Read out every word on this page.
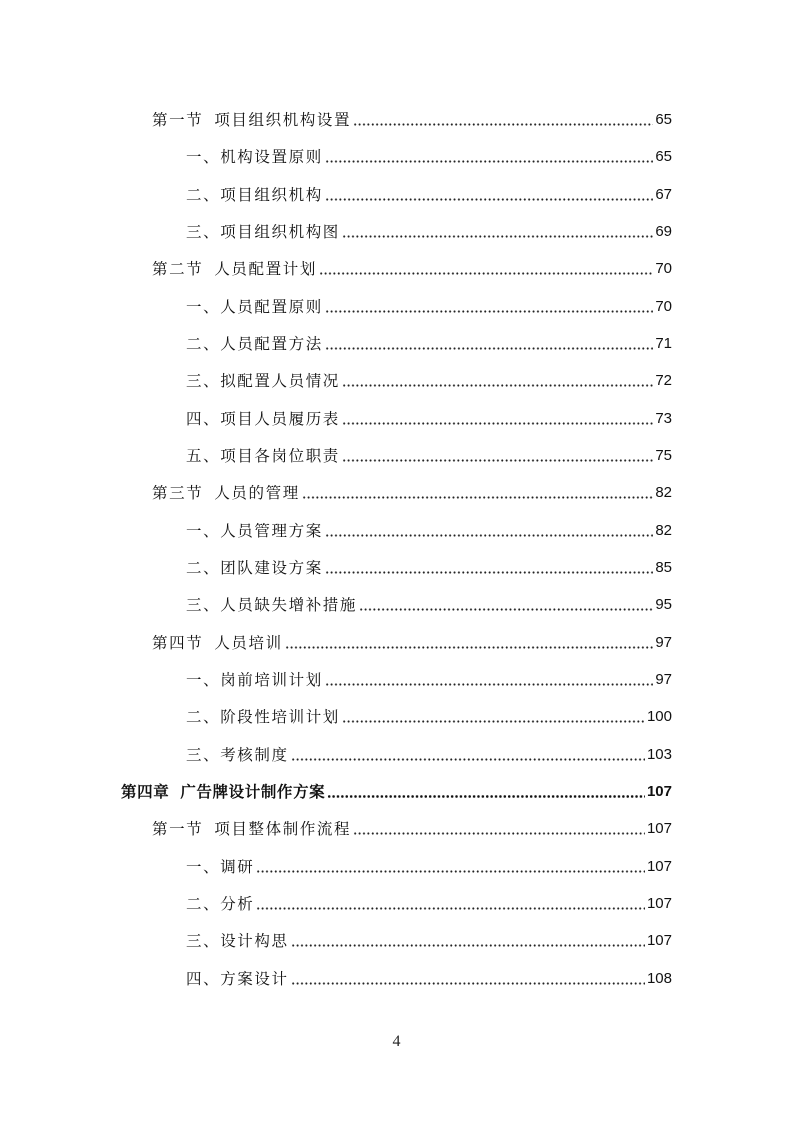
第一节 项目组织机构设置	65
一、机构设置原则	65
二、项目组织机构	67
三、项目组织机构图	69
第二节 人员配置计划	70
一、人员配置原则	70
二、人员配置方法	71
三、拟配置人员情况	72
四、项目人员履历表	73
五、项目各岗位职责	75
第三节 人员的管理	82
一、人员管理方案	82
二、团队建设方案	85
三、人员缺失增补措施	95
第四节 人员培训	97
一、岗前培训计划	97
二、阶段性培训计划	100
三、考核制度	103
第四章 广告牌设计制作方案	107
第一节 项目整体制作流程	107
一、调研	107
二、分析	107
三、设计构思	107
四、方案设计	108
4
